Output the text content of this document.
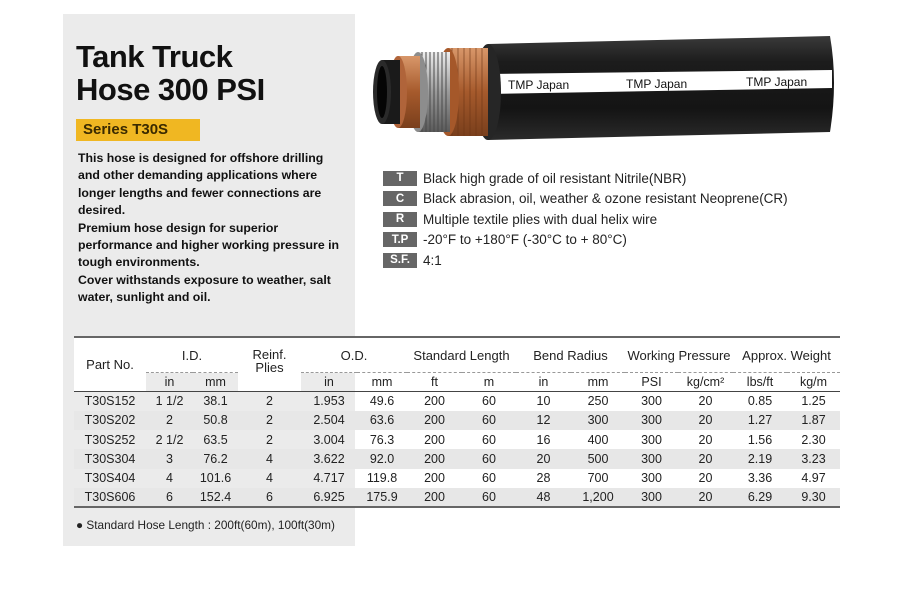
Tank Truck
Hose 300 PSI
Series T30S

This hose is designed for offshore drilling and other demanding applications where longer lengths and fewer connections are desired.

Premium hose design for superior performance and higher working pressure in tough environments.

Cover withstands exposure to weather, salt water, sunlight and oil.

TMP Japan	TMP Japan	TMP Japan
T	Black high grade of oil resistant Nitrile(NBR)
C	Black abrasion, oil, weather & ozone resistant Neoprene(CR)
R	Multiple textile plies with dual helix wire
T.P	-20°F to +180°F (-30°C to + 80°C)
S.F. 4:1
Part No.	I.D.		Reinf. Plies	O.D.		Standard Length		Bend Radius		Working Pressure		Approx. Weight	
	in	mm		in	mm	ft	m	in	mm	PSI	kg/cm²	lbs/ft	kg/m
T30S152	1 1/2	38.1	2	1.953	49.6	200	60	10	250	300	20	0.85	1.25
T30S202	2	50.8	2	2.504	63.6	200	60	12	300	300	20	1.27	1.87
T30S252	2 1/2	63.5	2	3.004	76.3	200	60	16	400	300	20	1.56	2.30
T30S304	3	76.2	4	3.622	92.0	200	60	20	500	300	20	2.19	3.23
T30S404	4	101.6	4	4.717	119.8	200	60	28	700	300	20	3.36	4.97
T30S606	6	152.4	6	6.925	175.9	200	60	48	1,200	300	20	6.29	9.30
● Standard Hose Length : 200ft(60m), 100ft(30m)
